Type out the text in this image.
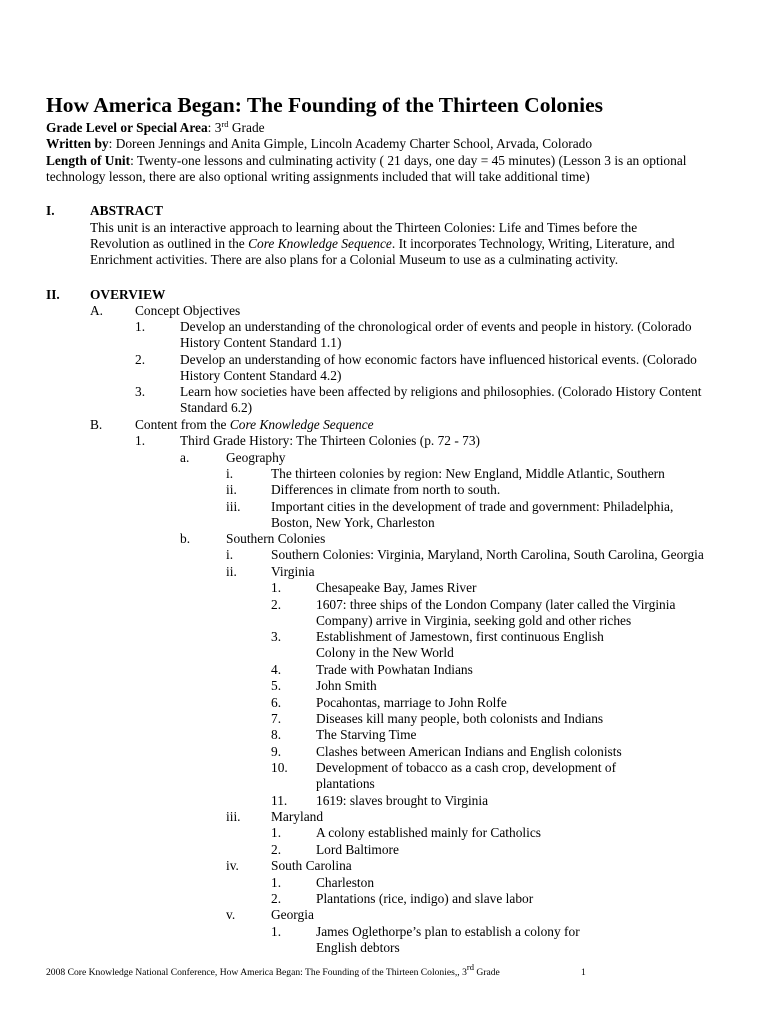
How America Began: The Founding of the Thirteen Colonies
Grade Level or Special Area: 3rd Grade
Written by: Doreen Jennings and Anita Gimple, Lincoln Academy Charter School, Arvada, Colorado
Length of Unit: Twenty-one lessons and culminating activity ( 21 days, one day = 45 minutes) (Lesson 3 is an optional
technology lesson, there are also optional writing assignments included that will take additional time)
I.	ABSTRACT
This unit is an interactive approach to learning about the Thirteen Colonies: Life and Times before the
Revolution as outlined in the Core Knowledge Sequence. It incorporates Technology, Writing, Literature, and
Enrichment activities. There are also plans for a Colonial Museum to use as a culminating activity.
II. OVERVIEW
A. Concept Objectives
1.	Develop an understanding of the chronological order of events and people in history. (Colorado
History Content Standard 1.1)
2.	Develop an understanding of how economic factors have influenced historical events. (Colorado
History Content Standard 4.2)
3.	Learn how societies have been affected by religions and philosophies. (Colorado History Content
Standard 6.2)
B. Content from the Core Knowledge Sequence
1.	Third Grade History: The Thirteen Colonies (p. 72 - 73)
a.	Geography
i.	The thirteen colonies by region: New England, Middle Atlantic, Southern
ii.	Differences in climate from north to south.
iii. Important cities in the development of trade and government: Philadelphia,
Boston, New York, Charleston
b.	Southern Colonies
i.	Southern Colonies: Virginia, Maryland, North Carolina, South Carolina, Georgia
ii.	Virginia
1.	Chesapeake Bay, James River
2.	1607: three ships of the London Company (later called the Virginia
Company) arrive in Virginia, seeking gold and other riches
3.	Establishment of Jamestown, first continuous English
Colony in the New World
4.	Trade with Powhatan Indians
5.	John Smith
6.	Pocahontas, marriage to John Rolfe
7.	Diseases kill many people, both colonists and Indians
8.	The Starving Time
9.	Clashes between American Indians and English colonists
10. Development of tobacco as a cash crop, development of
plantations
11. 1619: slaves brought to Virginia
iii. Maryland
1.	A colony established mainly for Catholics
2.	Lord Baltimore
iv. South Carolina
1.	Charleston
2.	Plantations (rice, indigo) and slave labor
v.	Georgia
1.	James Oglethorpe’s plan to establish a colony for
English debtors
2008 Core Knowledge National Conference, How America Began: The Founding of the Thirteen Colonies,, 3rd Grade	1
